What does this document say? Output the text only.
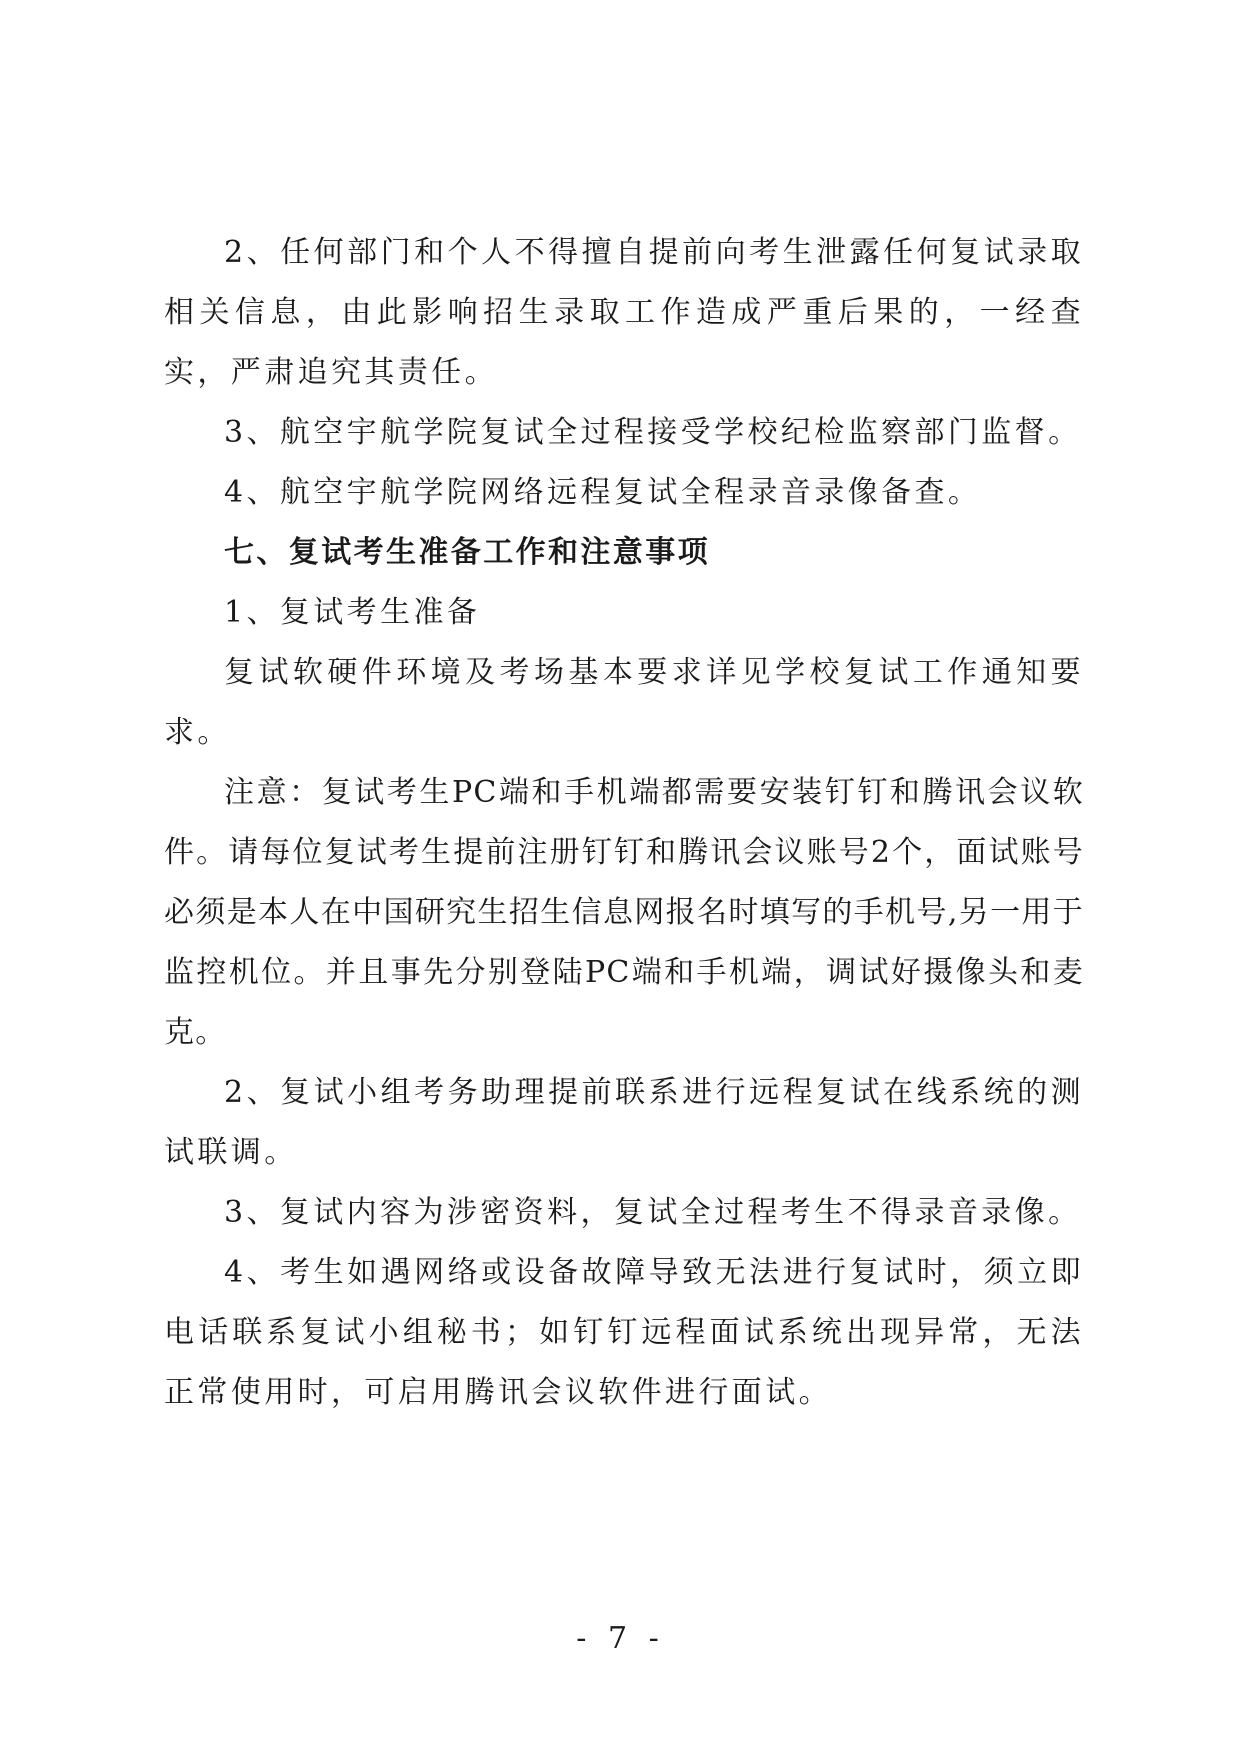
2、任何部门和个人不得擅自提前向考生泄露任何复试录取相关信息，由此影响招生录取工作造成严重后果的，一经查实，严肃追究其责任。

3、航空宇航学院复试全过程接受学校纪检监察部门监督。

4、航空宇航学院网络远程复试全程录音录像备查。

七、复试考生准备工作和注意事项

1、复试考生准备

复试软硬件环境及考场基本要求详见学校复试工作通知要求。

注意：复试考生PC端和手机端都需要安装钉钉和腾讯会议软件。请每位复试考生提前注册钉钉和腾讯会议账号2个，面试账号必须是本人在中国研究生招生信息网报名时填写的手机号,另一用于监控机位。并且事先分别登陆PC端和手机端，调试好摄像头和麦克。

2、复试小组考务助理提前联系进行远程复试在线系统的测试联调。

3、复试内容为涉密资料，复试全过程考生不得录音录像。

4、考生如遇网络或设备故障导致无法进行复试时，须立即电话联系复试小组秘书；如钉钉远程面试系统出现异常，无法正常使用时，可启用腾讯会议软件进行面试。

- 7 -
